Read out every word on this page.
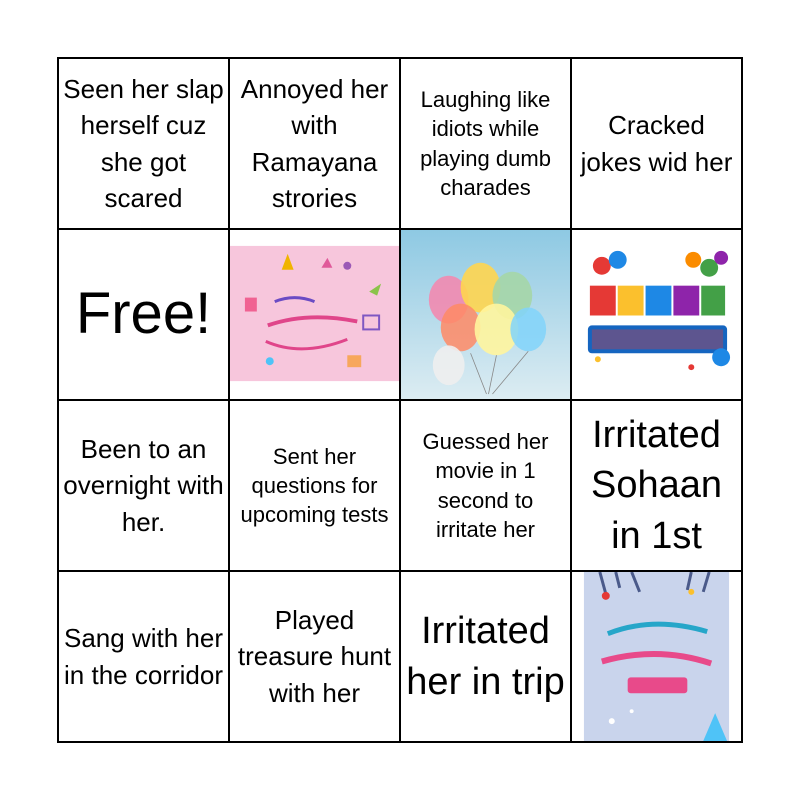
Seen her slap herself cuz she got scared
Annoyed her with Ramayana strories
Laughing like idiots while playing dumb charades
Cracked jokes wid her
Free!
Been to an overnight with her.
Sent her questions for upcoming tests
Guessed her movie in 1 second to irritate her
Irritated Sohaan in 1st
Sang with her in the corridor
Played treasure hunt with her
Irritated her in trip
